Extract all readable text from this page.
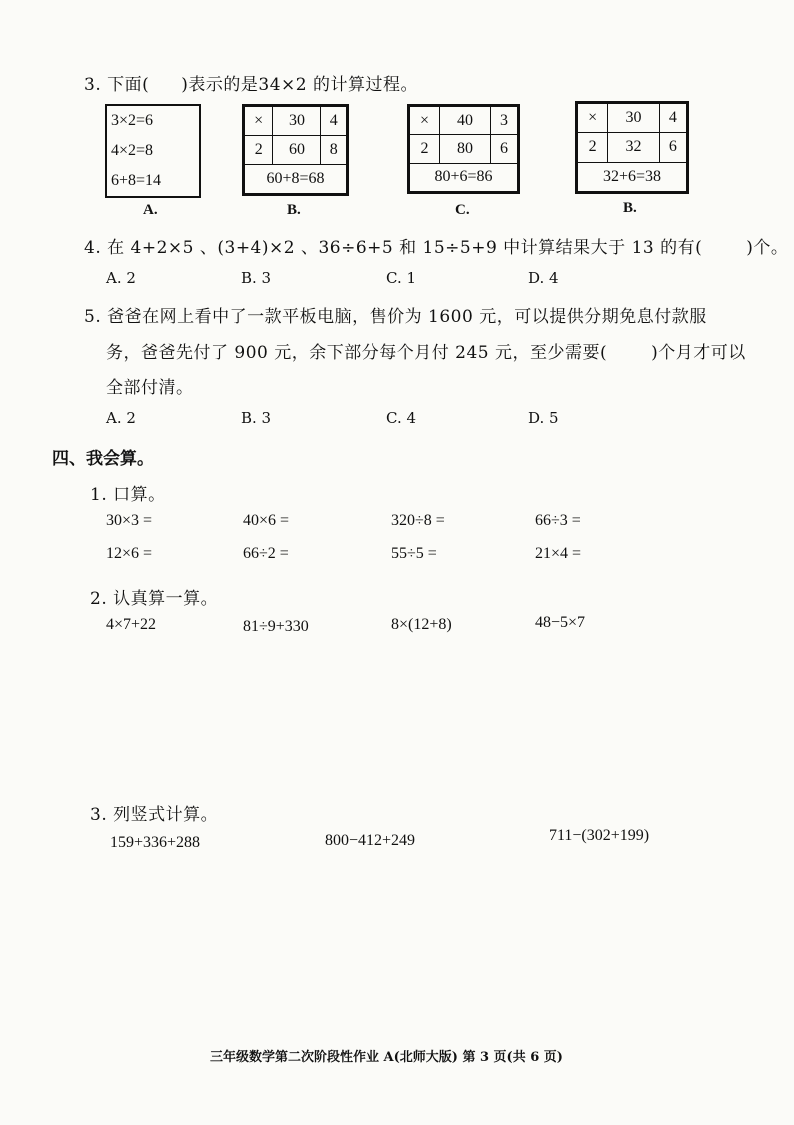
3. 下面( )表示的是34×2 的计算过程。
3×2=6
4×2=8
6+8=14
A.
×	30	4
2	60	8
60+8=68		
B.
×	40	3
2	80	6
80+6=86		
C.
×	30	4
2	32	6
32+6=38		
B.
4. 在 4+2×5 、(3+4)×2 、36÷6+5 和 15÷5+9 中计算结果大于 13 的有(	)个。
A. 2	B. 3	C. 1	D. 4
5. 爸爸在网上看中了一款平板电脑，售价为 1600 元，可以提供分期免息付款服
务，爸爸先付了 900 元，余下部分每个月付 245 元，至少需要(	)个月才可以
全部付清。
A. 2	B. 3	C. 4	D. 5
四、我会算。
1. 口算。
30×3 =	40×6 =	320÷8 =	66÷3 =
12×6 =	66÷2 =	55÷5 =	21×4 =
2. 认真算一算。
4×7+22	81÷9+330	8×(12+8)	48−5×7
3. 列竖式计算。
159+336+288	800−412+249	711−(302+199)
三年级数学第二次阶段性作业 A(北师大版) 第 3 页(共 6 页)
